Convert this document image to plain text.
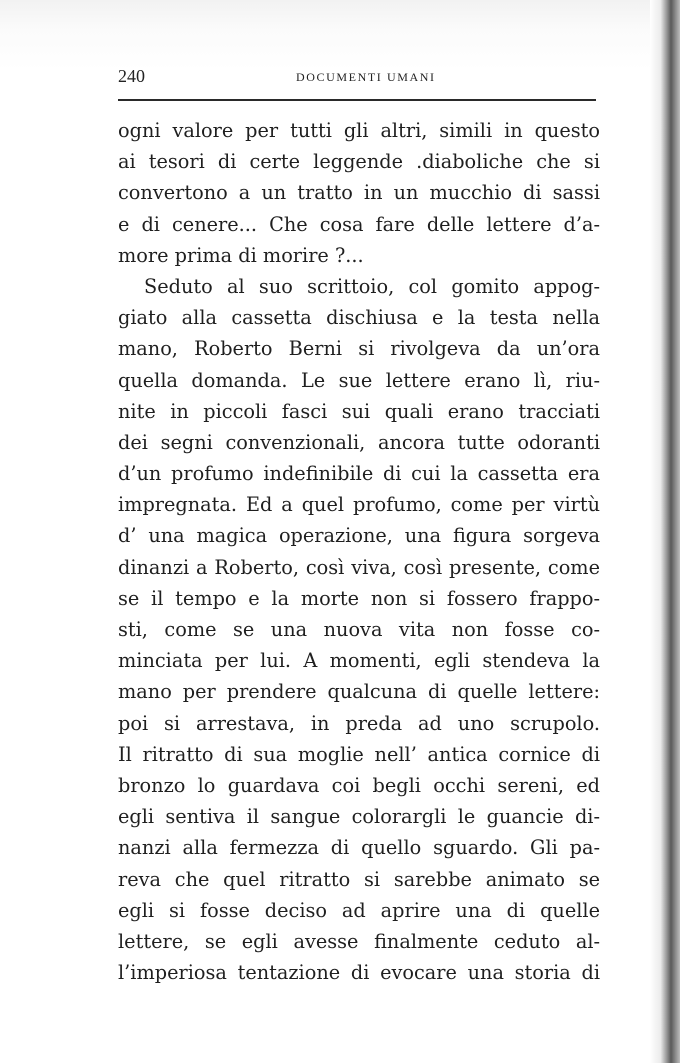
240	DOCUMENTI UMANI
ogni valore per tutti gli altri, simili in questo
ai tesori di certe leggende .diaboliche che si
convertono a un tratto in un mucchio di sassi
e di cenere... Che cosa fare delle lettere d’a-
more prima di morire ?...
Seduto al suo scrittoio, col gomito appog-
giato alla cassetta dischiusa e la testa nella
mano, Roberto Berni si rivolgeva da un’ora
quella domanda. Le sue lettere erano lì, riu-
nite in piccoli fasci sui quali erano tracciati
dei segni convenzionali, ancora tutte odoranti
d’un profumo indefinibile di cui la cassetta era
impregnata. Ed a quel profumo, come per virtù
d’ una magica operazione, una figura sorgeva
dinanzi a Roberto, così viva, così presente, come
se il tempo e la morte non si fossero frappo-
sti, come se una nuova vita non fosse co-
minciata per lui. A momenti, egli stendeva la
mano per prendere qualcuna di quelle lettere:
poi si arrestava, in preda ad uno scrupolo.
Il ritratto di sua moglie nell’ antica cornice di
bronzo lo guardava coi begli occhi sereni, ed
egli sentiva il sangue colorargli le guancie di-
nanzi alla fermezza di quello sguardo. Gli pa-
reva che quel ritratto si sarebbe animato se
egli si fosse deciso ad aprire una di quelle
lettere, se egli avesse finalmente ceduto al-
l’imperiosa tentazione di evocare una storia di
